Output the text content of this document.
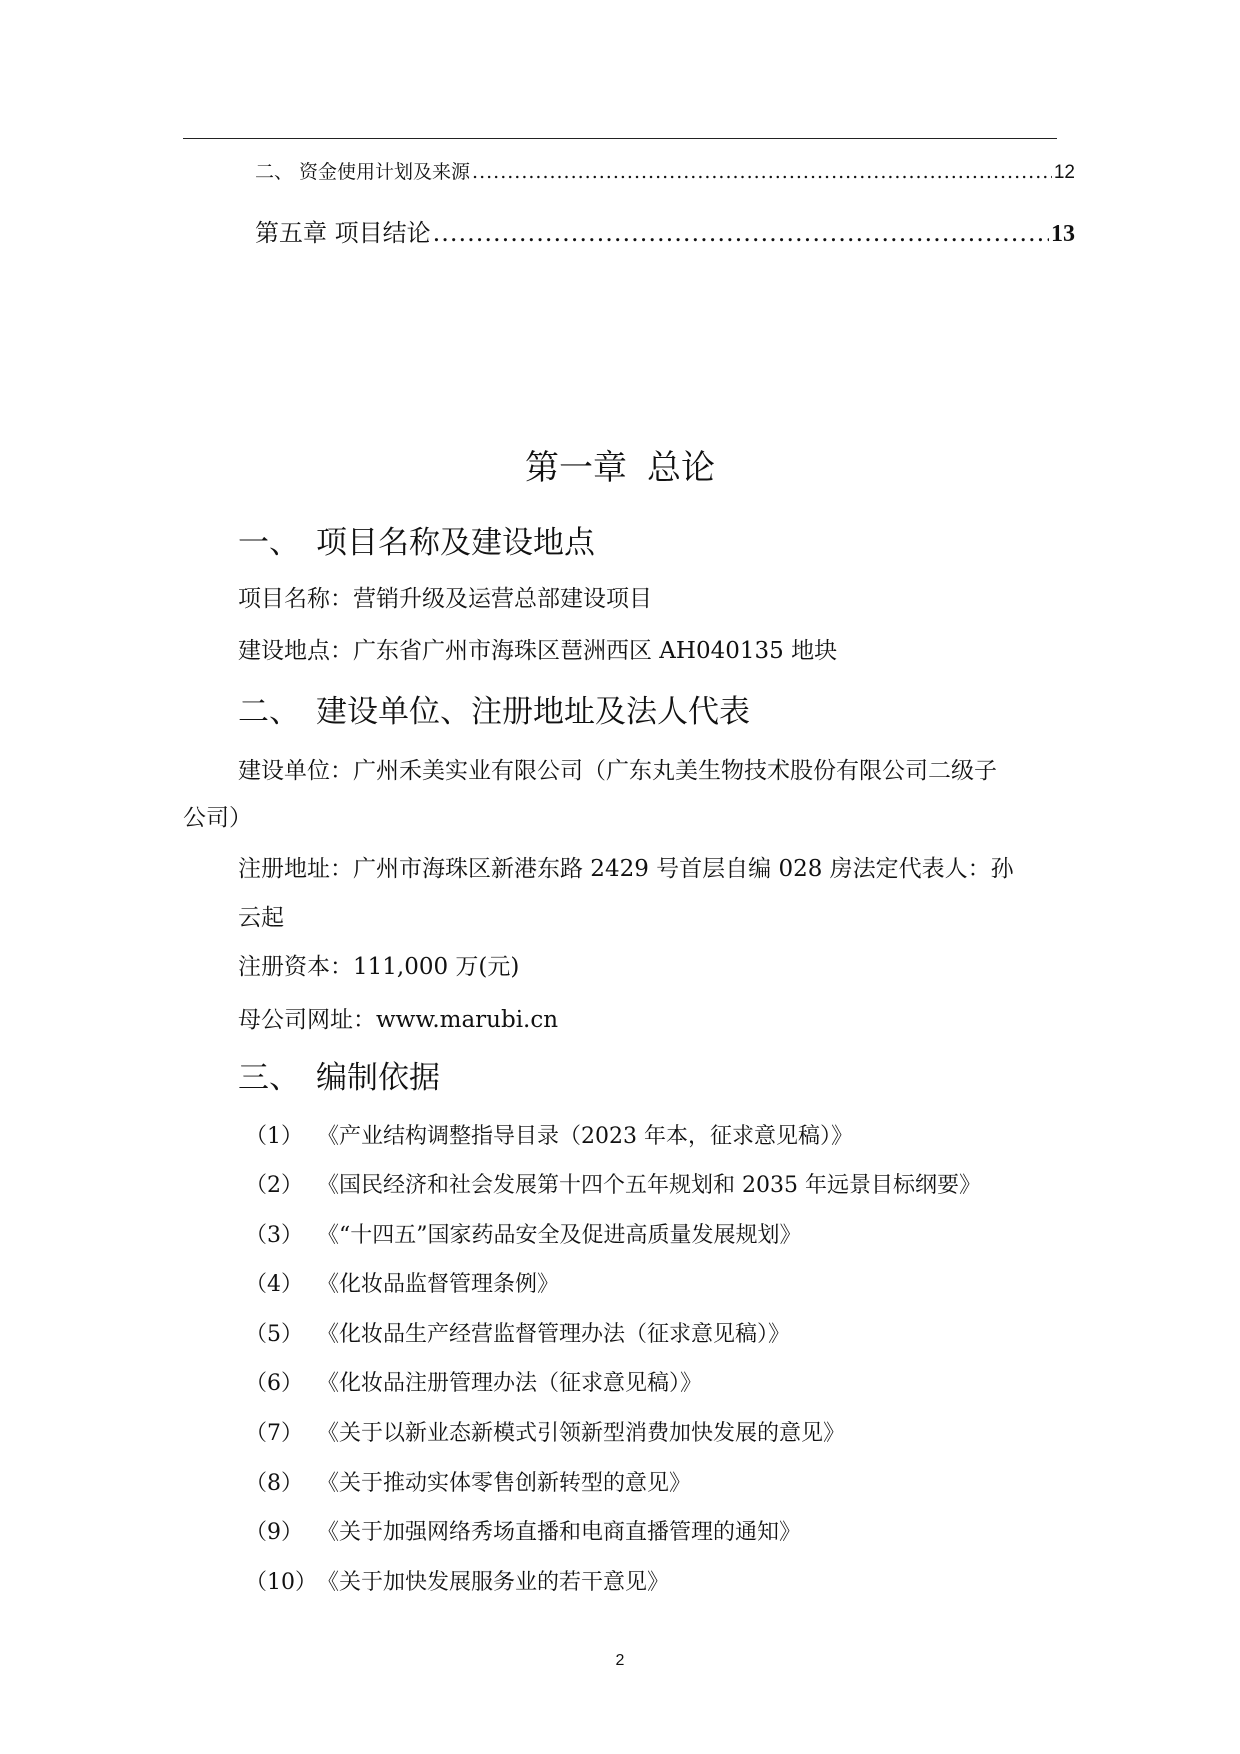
二、 资金使用计划及来源 .....	12
第五章 项目结论 .....	13
第一章 总论
一、 项目名称及建设地点
项目名称：营销升级及运营总部建设项目
建设地点：广东省广州市海珠区琶洲西区 AH040135 地块
二、 建设单位、注册地址及法人代表
建设单位：广州禾美实业有限公司（广东丸美生物技术股份有限公司二级子
公司）
注册地址：广州市海珠区新港东路 2429 号首层自编 028 房法定代表人：孙
云起
注册资本：111,000 万(元)
母公司网址：www.marubi.cn
三、 编制依据
（1） 《产业结构调整指导目录（2023 年本，征求意见稿）》
（2） 《国民经济和社会发展第十四个五年规划和 2035 年远景目标纲要》
（3） 《“十四五”国家药品安全及促进高质量发展规划》
（4） 《化妆品监督管理条例》
（5） 《化妆品生产经营监督管理办法（征求意见稿）》
（6） 《化妆品注册管理办法（征求意见稿）》
（7） 《关于以新业态新模式引领新型消费加快发展的意见》
（8） 《关于推动实体零售创新转型的意见》
（9） 《关于加强网络秀场直播和电商直播管理的通知》
（10）《关于加快发展服务业的若干意见》
2
